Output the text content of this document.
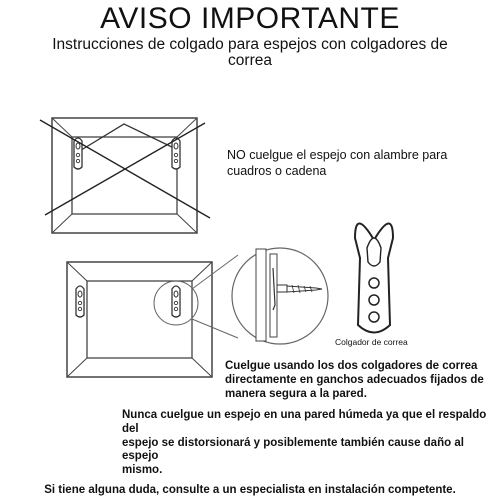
AVISO IMPORTANTE
Instrucciones de colgado para espejos con colgadores de
correa
NO cuelgue el espejo con alambre para
cuadros o cadena
Colgador de correa
Cuelgue usando los dos colgadores de correa
directamente en ganchos adecuados fijados de
manera segura a la pared.
Nunca cuelgue un espejo en una pared húmeda ya que el respaldo del
espejo se distorsionará y posiblemente también cause daño al
espejo
mismo.
Si tiene alguna duda, consulte a un especialista en instalación competente.
